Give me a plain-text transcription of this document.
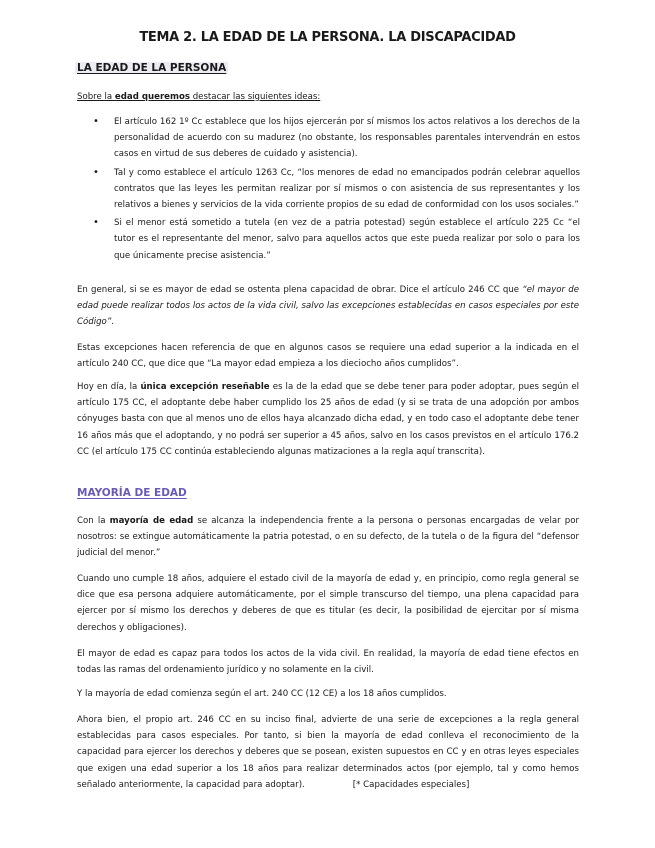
TEMA 2. LA EDAD DE LA PERSONA. LA DISCAPACIDAD
LA EDAD DE LA PERSONA

Sobre la edad queremos destacar las siguientes ideas:

• El artículo 162 1º Cc establece que los hijos ejercerán por sí mismos los actos relativos a los derechos de la personalidad de acuerdo con su madurez (no obstante, los responsables parentales intervendrán en estos casos en virtud de sus deberes de cuidado y asistencia).
• Tal y como establece el artículo 1263 Cc, “los menores de edad no emancipados podrán celebrar aquellos contratos que las leyes les permitan realizar por sí mismos o con asistencia de sus representantes y los relativos a bienes y servicios de la vida corriente propios de su edad de conformidad con los usos sociales.”
• Si el menor está sometido a tutela (en vez de a patria potestad) según establece el artículo 225 Cc “el tutor es el representante del menor, salvo para aquellos actos que este pueda realizar por solo o para los que únicamente precise asistencia.”

En general, si se es mayor de edad se ostenta plena capacidad de obrar. Dice el artículo 246 CC que “el mayor de edad puede realizar todos los actos de la vida civil, salvo las excepciones establecidas en casos especiales por este Código”.

Estas excepciones hacen referencia de que en algunos casos se requiere una edad superior a la indicada en el artículo 240 CC, que dice que “La mayor edad empieza a los dieciocho años cumplidos”.

Hoy en día, la única excepción reseñable es la de la edad que se debe tener para poder adoptar, pues según el artículo 175 CC, el adoptante debe haber cumplido los 25 años de edad (y si se trata de una adopción por ambos cónyuges basta con que al menos uno de ellos haya alcanzado dicha edad, y en todo caso el adoptante debe tener 16 años más que el adoptando, y no podrá ser superior a 45 años, salvo en los casos previstos en el artículo 176.2 CC (el artículo 175 CC continúa estableciendo algunas matizaciones a la regla aquí transcrita).

MAYORÍA DE EDAD

Con la mayoría de edad se alcanza la independencia frente a la persona o personas encargadas de velar por nosotros: se extingue automáticamente la patria potestad, o en su defecto, de la tutela o de la figura del “defensor judicial del menor.”

Cuando uno cumple 18 años, adquiere el estado civil de la mayoría de edad y, en principio, como regla general se dice que esa persona adquiere automáticamente, por el simple transcurso del tiempo, una plena capacidad para ejercer por sí mismo los derechos y deberes de que es titular (es decir, la posibilidad de ejercitar por sí misma derechos y obligaciones).

El mayor de edad es capaz para todos los actos de la vida civil. En realidad, la mayoría de edad tiene efectos en todas las ramas del ordenamiento jurídico y no solamente en la civil.

Y la mayoría de edad comienza según el art. 240 CC (12 CE) a los 18 años cumplidos.

Ahora bien, el propio art. 246 CC en su inciso final, advierte de una serie de excepciones a la regla general establecidas para casos especiales. Por tanto, si bien la mayoría de edad conlleva el reconocimiento de la capacidad para ejercer los derechos y deberes que se posean, existen supuestos en CC y en otras leyes especiales que exigen una edad superior a los 18 años para realizar determinados actos (por ejemplo, tal y como hemos señalado anteriormente, la capacidad para adoptar).	[* Capacidades especiales]
